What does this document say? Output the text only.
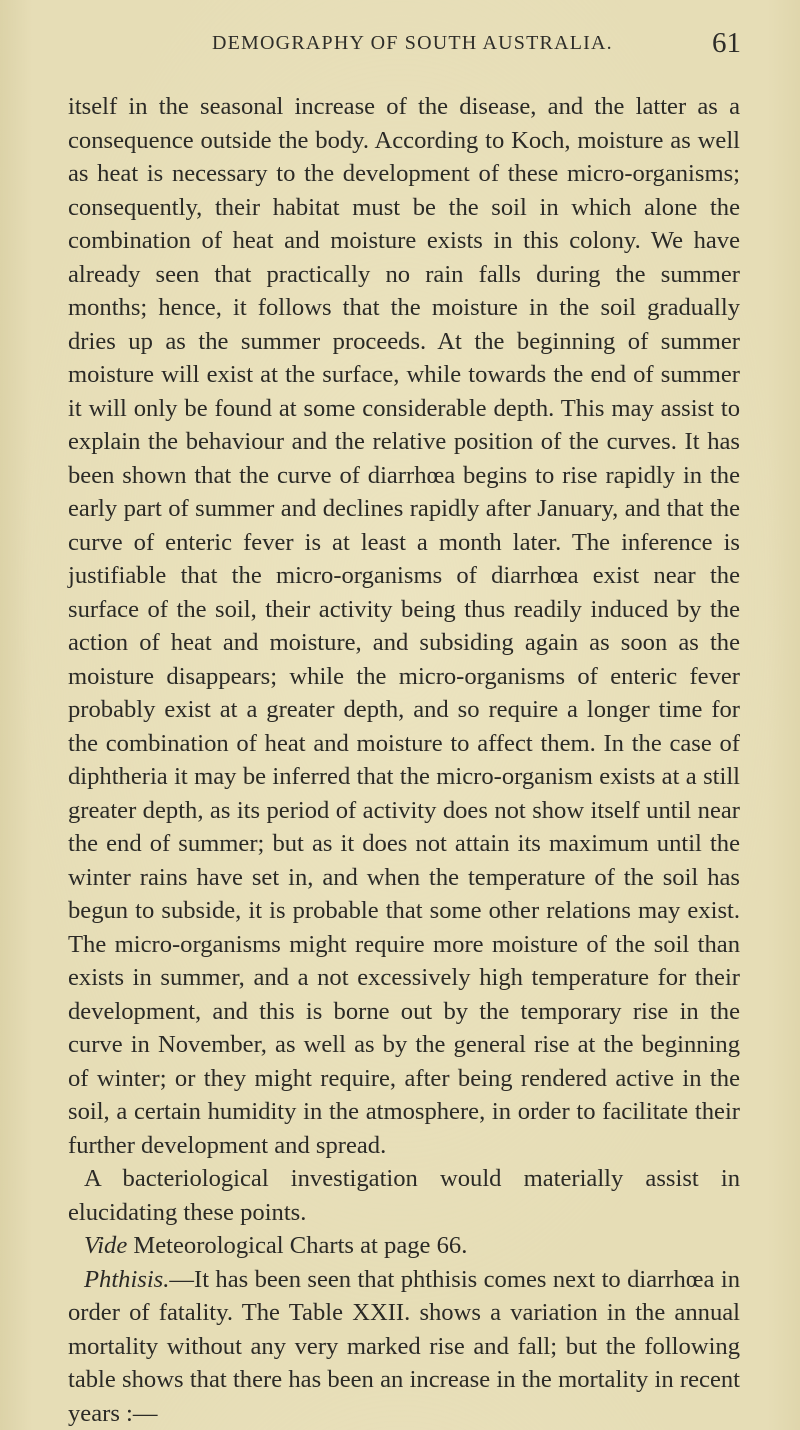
DEMOGRAPHY OF SOUTH AUSTRALIA.	61

itself in the seasonal increase of the disease, and the latter as a consequence outside the body. According to Koch, moisture as well as heat is necessary to the development of these micro-organisms; consequently, their habitat must be the soil in which alone the combination of heat and moisture exists in this colony. We have already seen that practically no rain falls during the summer months; hence, it follows that the moisture in the soil gradually dries up as the summer proceeds. At the beginning of summer moisture will exist at the surface, while towards the end of summer it will only be found at some considerable depth. This may assist to explain the behaviour and the relative position of the curves. It has been shown that the curve of diarrhœa begins to rise rapidly in the early part of summer and declines rapidly after January, and that the curve of enteric fever is at least a month later. The inference is justifiable that the micro-organisms of diarrhœa exist near the surface of the soil, their activity being thus readily induced by the action of heat and moisture, and subsiding again as soon as the moisture disappears; while the micro-organisms of enteric fever probably exist at a greater depth, and so require a longer time for the combination of heat and moisture to affect them. In the case of diphtheria it may be inferred that the micro-organism exists at a still greater depth, as its period of activity does not show itself until near the end of summer; but as it does not attain its maximum until the winter rains have set in, and when the temperature of the soil has begun to subside, it is probable that some other relations may exist. The micro-organisms might require more moisture of the soil than exists in summer, and a not excessively high temperature for their development, and this is borne out by the temporary rise in the curve in November, as well as by the general rise at the beginning of winter; or they might require, after being rendered active in the soil, a certain humidity in the atmosphere, in order to facilitate their further development and spread.

A bacteriological investigation would materially assist in elucidating these points.

Vide Meteorological Charts at page 66.

Phthisis.—It has been seen that phthisis comes next to diarrhœa in order of fatality. The Table XXII. shows a variation in the annual mortality without any very marked rise and fall; but the following table shows that there has been an increase in the mortality in recent years :—
